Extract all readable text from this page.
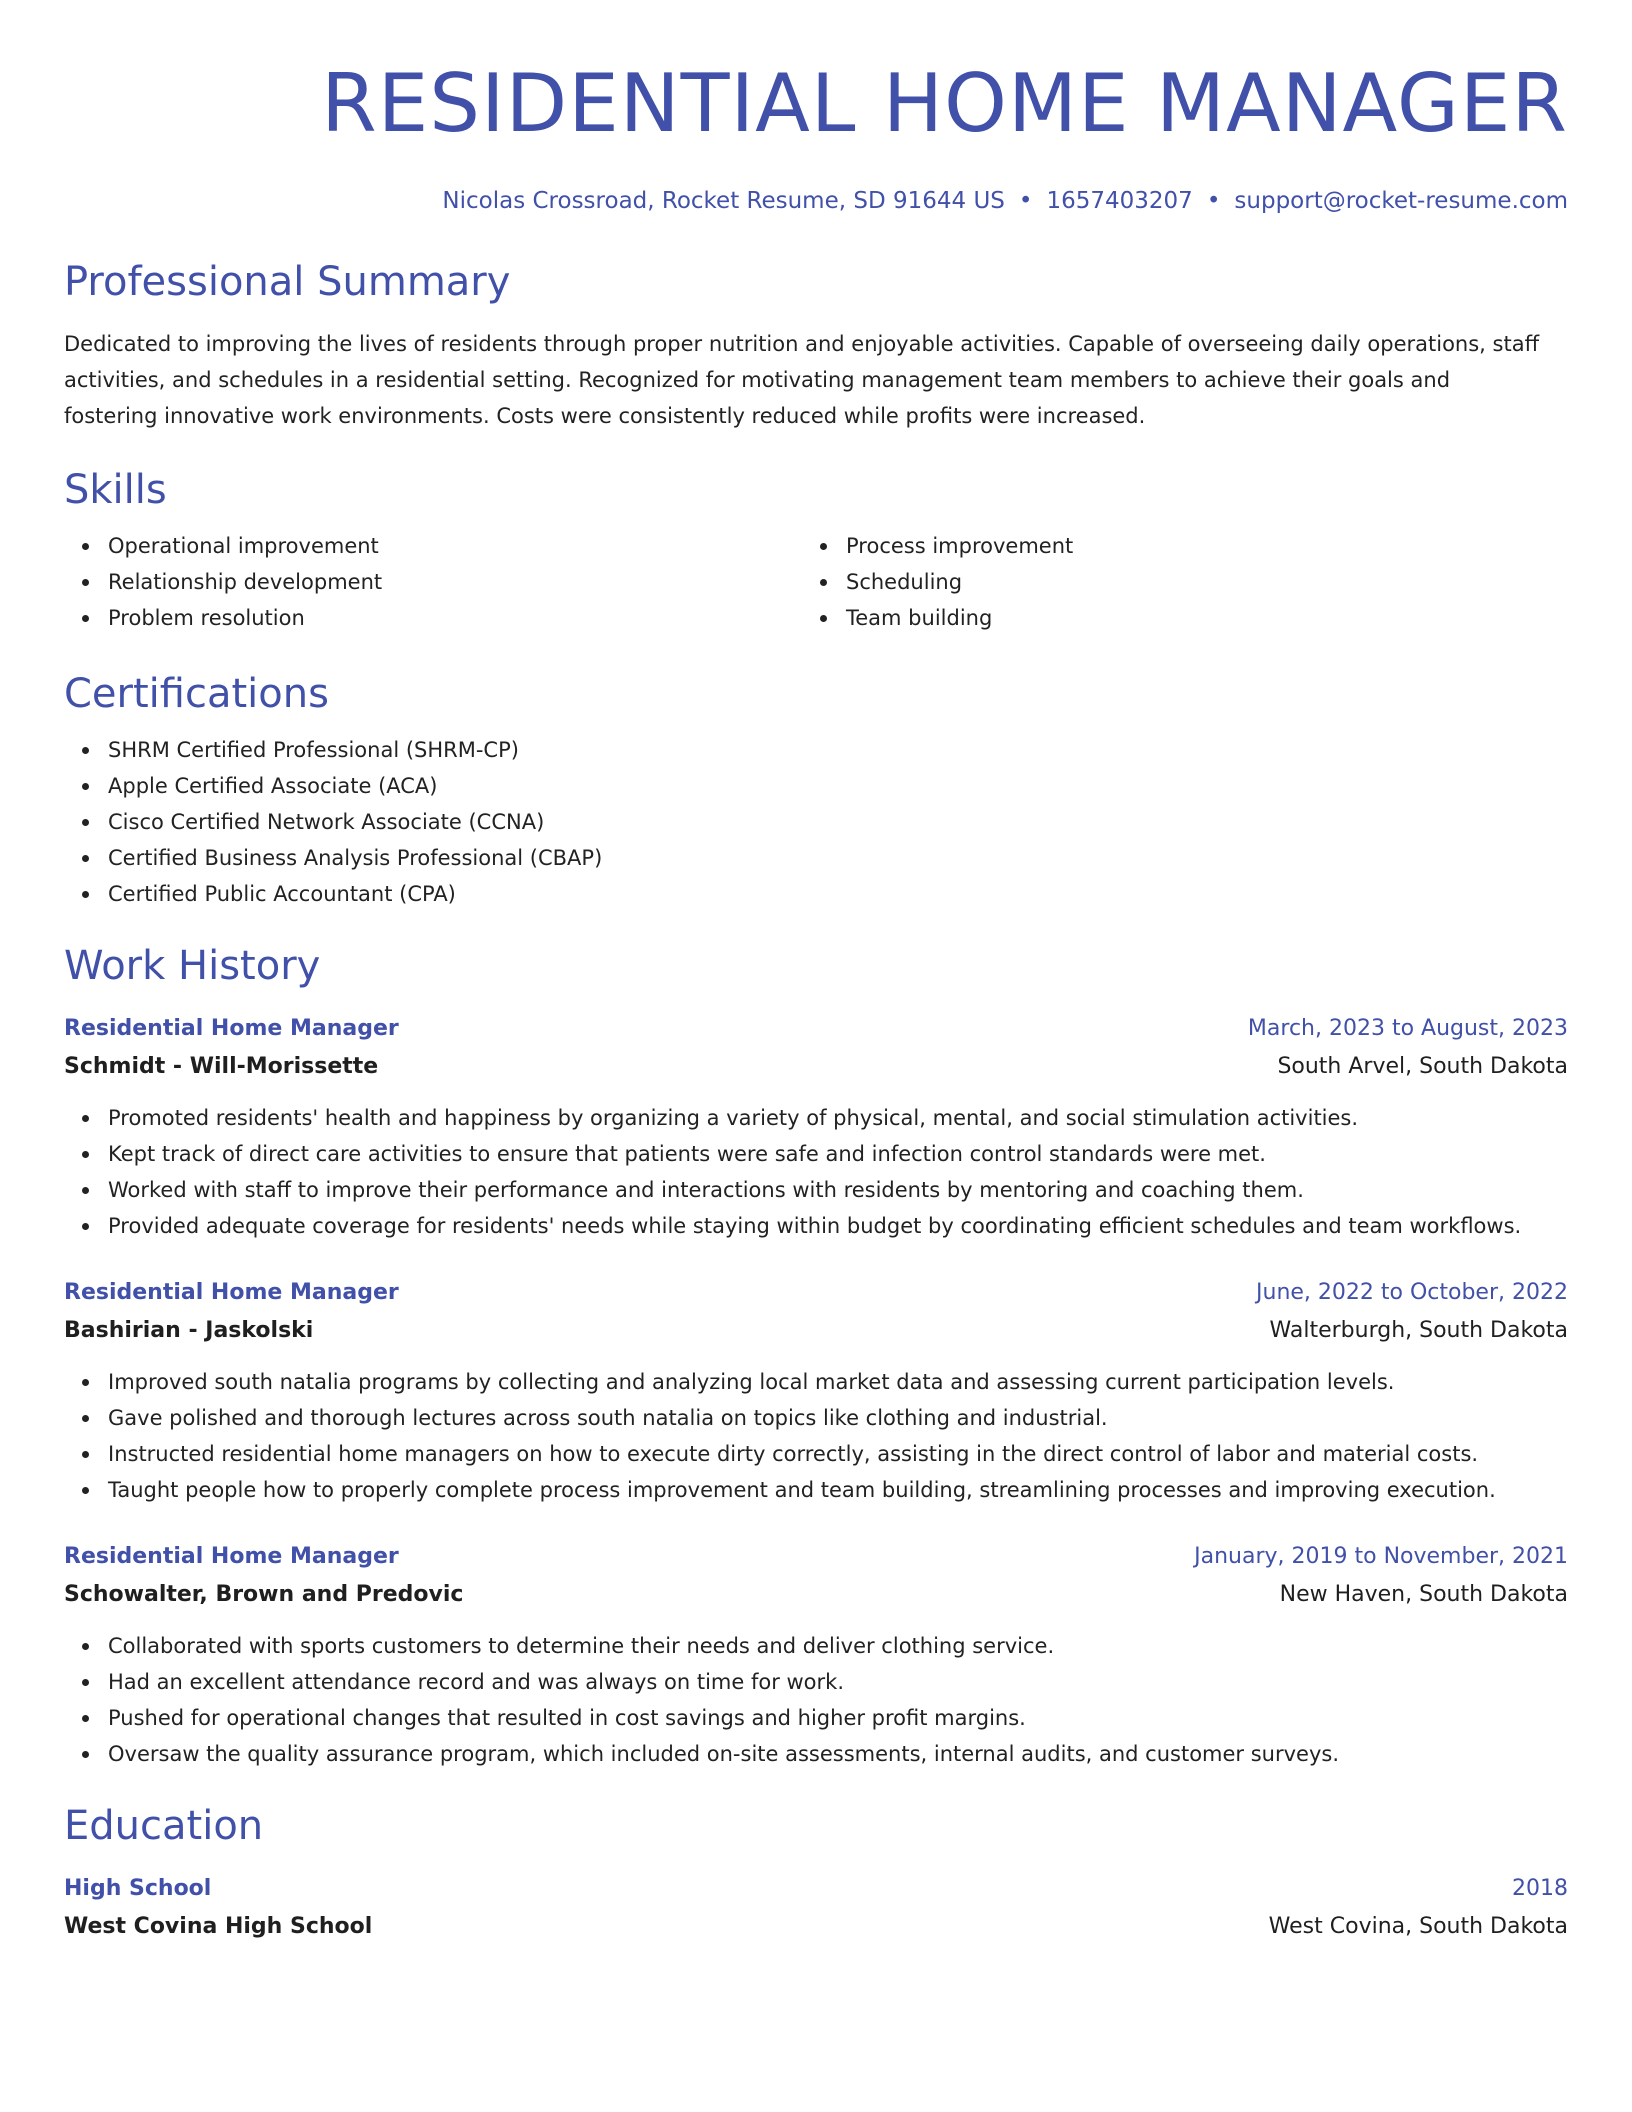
RESIDENTIAL HOME MANAGER
Nicolas Crossroad, Rocket Resume, SD 91644 US • 1657403207 • support@rocket-resume.com
Professional Summary

Dedicated to improving the lives of residents through proper nutrition and enjoyable activities. Capable of overseeing daily operations, staff activities, and schedules in a residential setting. Recognized for motivating management team members to achieve their goals and fostering innovative work environments. Costs were consistently reduced while profits were increased.

Skills
Operational improvement
Relationship development
Problem resolution
Process improvement
Scheduling
Team building
Certifications
SHRM Certified Professional (SHRM-CP)
Apple Certified Associate (ACA)
Cisco Certified Network Associate (CCNA)
Certified Business Analysis Professional (CBAP)
Certified Public Accountant (CPA)
Work History
Residential Home Manager	March, 2023 to August, 2023
Schmidt - Will-Morissette	South Arvel, South Dakota
Promoted residents' health and happiness by organizing a variety of physical, mental, and social stimulation activities.
Kept track of direct care activities to ensure that patients were safe and infection control standards were met.
Worked with staff to improve their performance and interactions with residents by mentoring and coaching them.
Provided adequate coverage for residents' needs while staying within budget by coordinating efficient schedules and team workflows.
Residential Home Manager	June, 2022 to October, 2022
Bashirian - Jaskolski	Walterburgh, South Dakota
Improved south natalia programs by collecting and analyzing local market data and assessing current participation levels.
Gave polished and thorough lectures across south natalia on topics like clothing and industrial.
Instructed residential home managers on how to execute dirty correctly, assisting in the direct control of labor and material costs.
Taught people how to properly complete process improvement and team building, streamlining processes and improving execution.
Residential Home Manager	January, 2019 to November, 2021
Schowalter, Brown and Predovic	New Haven, South Dakota
Collaborated with sports customers to determine their needs and deliver clothing service.
Had an excellent attendance record and was always on time for work.
Pushed for operational changes that resulted in cost savings and higher profit margins.
Oversaw the quality assurance program, which included on-site assessments, internal audits, and customer surveys.
Education
High School	2018
West Covina High School	West Covina, South Dakota
